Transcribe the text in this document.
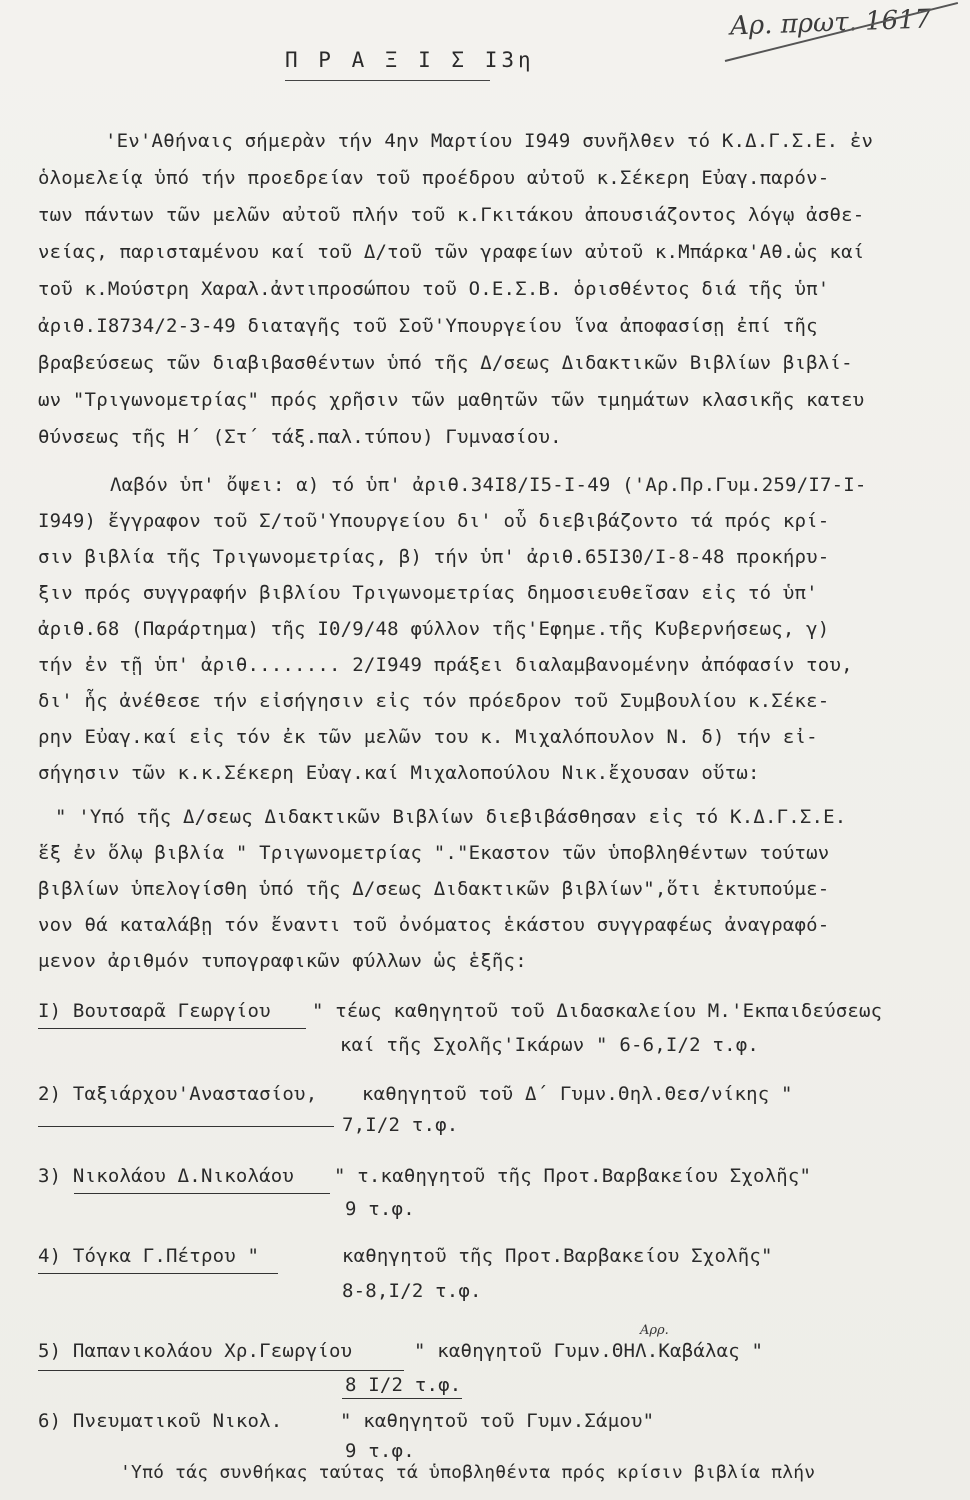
Αρ. πρωτ. 1617
Π Ρ Α Ξ Ι Σ Ι3η
'Εν'Αθήναις σήμερὰν τήν 4ην Μαρτίου Ι949 συνῆλθεν τό Κ.Δ.Γ.Σ.Ε. ἐν
ὁλομελείᾳ ὑπό τήν προεδρείαν τοῦ προέδρου αὐτοῦ κ.Σέκερη Εὐαγ.παρόν-
των πάντων τῶν μελῶν αὐτοῦ πλήν τοῦ κ.Γκιτάκου ἀπουσιάζοντος λόγῳ ἀσθε-
νείας, παρισταμένου καί τοῦ Δ/τοῦ τῶν γραφείων αὐτοῦ κ.Μπάρκα'Αθ.ὡς καί
τοῦ κ.Μούστρη Χαραλ.ἀντιπροσώπου τοῦ Ο.Ε.Σ.Β. ὁρισθέντος διά τῆς ὑπ'
ἀριθ.Ι8734/2-3-49 διαταγῆς τοῦ Σοῦ'Υπουργείου ἵνα ἀποφασίσῃ ἐπί τῆς
βραβεύσεως τῶν διαβιβασθέντων ὑπό τῆς Δ/σεως Διδακτικῶν Βιβλίων βιβλί-
ων "Τριγωνομετρίας" πρός χρῆσιν τῶν μαθητῶν τῶν τμημάτων κλασικῆς κατευ
θύνσεως τῆς Η΄ (Στ΄ τάξ.παλ.τύπου) Γυμνασίου.
Λαβόν ὑπ' ὄψει: α) τό ὑπ' ἀριθ.34Ι8/Ι5-Ι-49 ('Αρ.Πρ.Γυμ.259/Ι7-Ι-
Ι949) ἔγγραφον τοῦ Σ/τοῦ'Υπουργείου δι' οὗ διεβιβάζοντο τά πρός κρί-
σιν βιβλία τῆς Τριγωνομετρίας, β) τήν ὑπ' ἀριθ.65Ι30/Ι-8-48 προκήρυ-
ξιν πρός συγγραφήν βιβλίου Τριγωνομετρίας δημοσιευθεῖσαν εἰς τό ὑπ'
ἀριθ.68 (Παράρτημα) τῆς Ι0/9/48 φύλλον τῆς'Εφημε.τῆς Κυβερνήσεως, γ)
τήν ἐν τῇ ὑπ' ἀριθ........ 2/Ι949 πράξει διαλαμβανομένην ἀπόφασίν του,
δι' ἧς ἀνέθεσε τήν εἰσήγησιν εἰς τόν πρόεδρον τοῦ Συμβουλίου κ.Σέκε-
ρην Εὐαγ.καί εἰς τόν ἐκ τῶν μελῶν του κ. Μιχαλόπουλον Ν. δ) τήν εἰ-
σήγησιν τῶν κ.κ.Σέκερη Εὐαγ.καί Μιχαλοπούλου Νικ.ἔχουσαν οὕτω:
" 'Υπό τῆς Δ/σεως Διδακτικῶν Βιβλίων διεβιβάσθησαν εἰς τό Κ.Δ.Γ.Σ.Ε.
ἕξ ἐν ὅλῳ βιβλία " Τριγωνομετρίας "."Εκαστον τῶν ὑποβληθέντων τούτων
βιβλίων ὑπελογίσθη ὑπό τῆς Δ/σεως Διδακτικῶν βιβλίων",ὅτι ἐκτυπούμε-
νον θά καταλάβῃ τόν ἔναντι τοῦ ὀνόματος ἑκάστου συγγραφέως ἀναγραφό-
μενον ἀριθμόν τυπογραφικῶν φύλλων ὡς ἑξῆς:
Ι) Βουτσαρᾶ Γεωργίου " τέως καθηγητοῦ τοῦ Διδασκαλείου Μ.'Εκπαιδεύσεως
καί τῆς Σχολῆς'Ικάρων " 6-6,Ι/2 τ.φ.
2) Ταξιάρχου'Αναστασίου, καθηγητοῦ τοῦ Δ΄ Γυμν.Θηλ.Θεσ/νίκης "
7,Ι/2 τ.φ.
3) Νικολάου Δ.Νικολάου " τ.καθηγητοῦ τῆς Προτ.Βαρβακείου Σχολῆς"
9 τ.φ.
4) Τόγκα Γ.Πέτρου "	καθηγητοῦ τῆς Προτ.Βαρβακείου Σχολῆς"
8-8,Ι/2 τ.φ.
Αρρ.
5) Παπανικολάου Χρ.Γεωργίου	" καθηγητοῦ Γυμν.ΘΗΛ.Καβάλας "
8 Ι/2 τ.φ.
6) Πνευματικοῦ Νικολ.	" καθηγητοῦ τοῦ Γυμν.Σάμου"
9 τ.φ.
'Υπό τάς συνθήκας ταύτας τά ὑποβληθέντα πρός κρίσιν βιβλία πλήν
